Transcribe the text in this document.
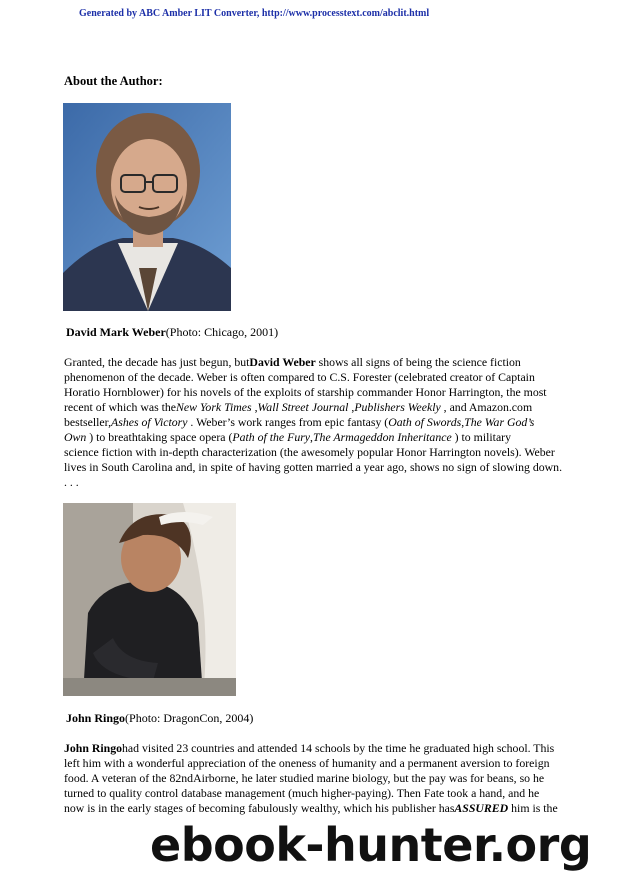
Generated by ABC Amber LIT Converter, http://www.processtext.com/abclit.html
About the Author:
David Mark Weber(Photo: Chicago, 2001)
Granted, the decade has just begun, butDavid Weber shows all signs of being the science fiction
phenomenon of the decade. Weber is often compared to C.S. Forester (celebrated creator of Captain
Horatio Hornblower) for his novels of the exploits of starship commander Honor Harrington, the most
recent of which was theNew York Times ,Wall Street Journal ,Publishers Weekly , and Amazon.com
bestseller,Ashes of Victory . Weber’s work ranges from epic fantasy (Oath of Swords,The War God’s
Own ) to breathtaking space opera (Path of the Fury,The Armageddon Inheritance ) to military
science fiction with in-depth characterization (the awesomely popular Honor Harrington novels). Weber
lives in South Carolina and, in spite of having gotten married a year ago, shows no sign of slowing down.
. . .
John Ringo(Photo: DragonCon, 2004)
John Ringohad visited 23 countries and attended 14 schools by the time he graduated high school. This
left him with a wonderful appreciation of the oneness of humanity and a permanent aversion to foreign
food. A veteran of the 82ndAirborne, he later studied marine biology, but the pay was for beans, so he
turned to quality control database management (much higher-paying). Then Fate took a hand, and he
now is in the early stages of becoming fabulously wealthy, which his publisher hasASSURED him is the
ebook-hunter.org
